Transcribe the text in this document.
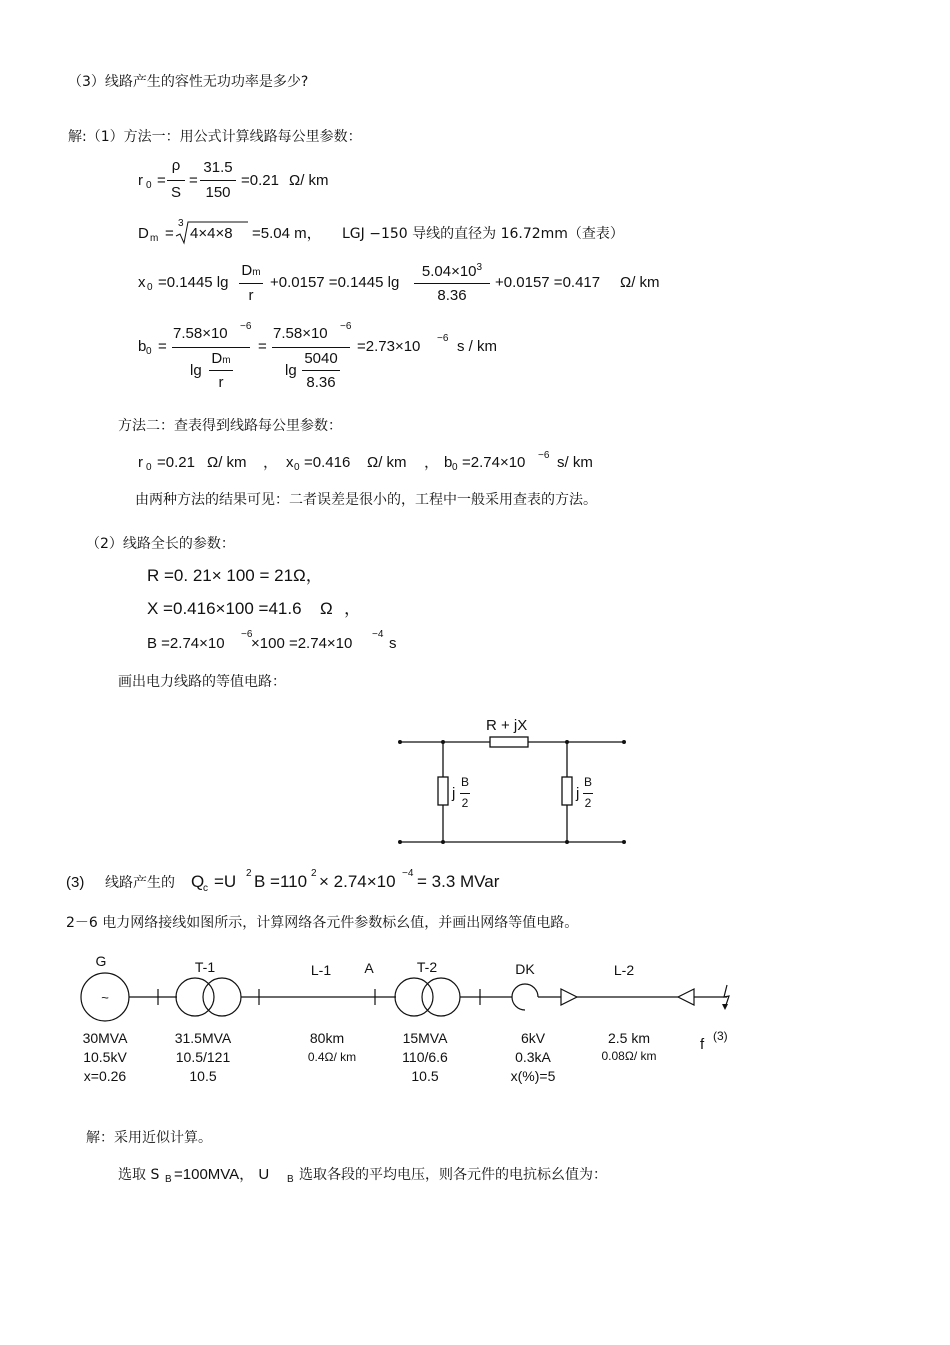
（3）线路产生的容性无功功率是多少?
解:（1）方法一：用公式计算线路每公里参数：
r 0 =
ρ
S
=
31.5
150
=0.21 Ω/ km
D m =
3
4×4×8 =5.04 m， LGJ −150 导线的直径为 16.72mm（查表）
x 0 =0.1445 lg
Dm
r
+0.0157 =0.1445 lg
$5.04\times 10^3$
8.36
+0.0157 =0.417 Ω/ km
b 0 =
7.58×10 −6
lg
Dm
r
=
7.58×10 −6
lg
5040
8.36
=2.73×10 −6 s / km
方法二：查表得到线路每公里参数：
r 0 =0.21 Ω/ km ， x 0 =0.416 Ω/ km ， b 0 =2.74×10 −6 s/ km
由两种方法的结果可见：二者误差是很小的，工程中一般采用查表的方法。
（2）线路全长的参数：
R =0. 21× 100 = 21Ω，
X =0.416×100 =41.6 Ω ，
B =2.74×10
−6
×100 =2.74×10
−4
s
画出电力线路的等值电路：
R + jX
j
B
2
j
B
2
(3) 线路产生的 Q
c =U 2 B =110 2 × 2.74×10 −4 = 3.3 MVar
2－6 电力网络接线如图所示，计算网络各元件参数标幺值，并画出网络等值电路。
~
G	T-1	L-1	A	T-2	DK	L-2
30MVA
10.5kV
x=0.26
31.5MVA
10.5/121
10.5
80km
0.4Ω/ km
15MVA
110/6.6
10.5
6kV
0.3kA
x(%)=5
2.5 km
0.08Ω/ km
f (3)
解：采用近似计算。
选取 S B =100MVA， U B 选取各段的平均电压，则各元件的电抗标幺值为：
